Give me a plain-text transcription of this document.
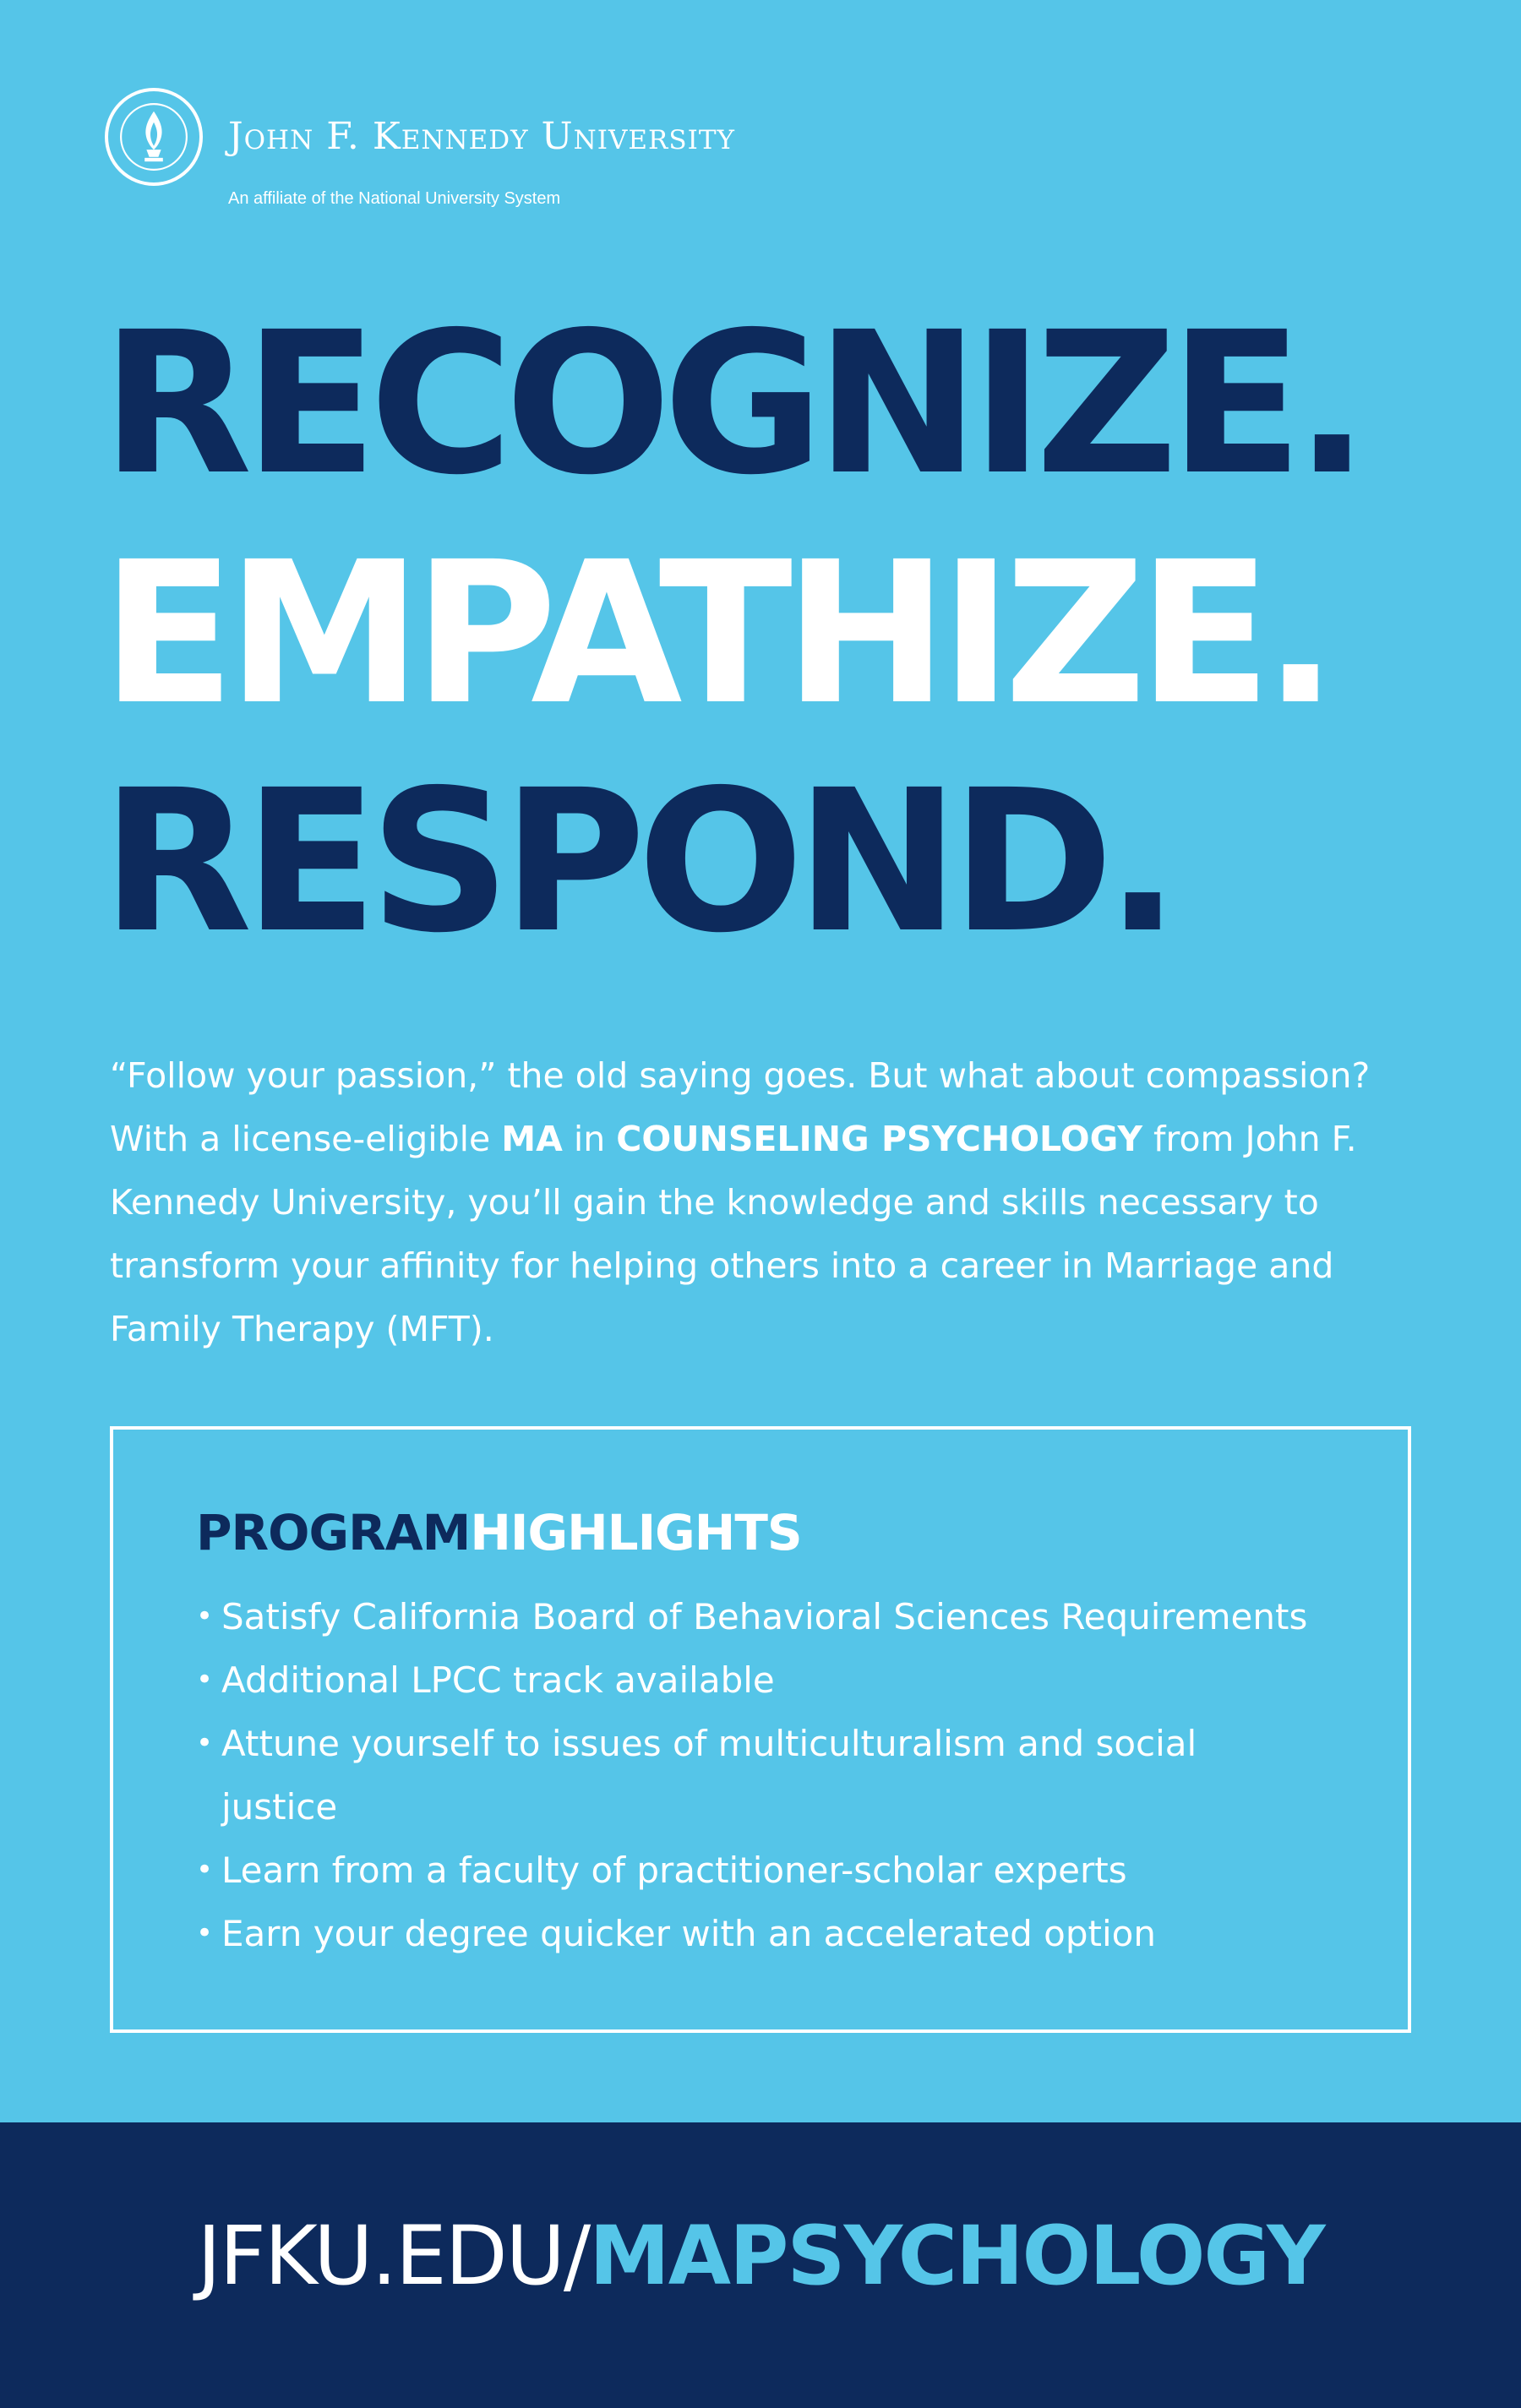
John F. Kennedy University
An affiliate of the National University System
RECOGNIZE.
EMPATHIZE.
RESPOND.
“Follow your passion,” the old saying goes. But what about compassion? With a license-eligible MA in COUNSELING PSYCHOLOGY from John F. Kennedy University, you’ll gain the knowledge and skills necessary to transform your affinity for helping others into a career in Marriage and Family Therapy (MFT).
PROGRAMHIGHLIGHTS
• Satisfy California Board of Behavioral Sciences Requirements
• Additional LPCC track available
• Attune yourself to issues of multiculturalism and social justice
• Learn from a faculty of practitioner-scholar experts
• Earn your degree quicker with an accelerated option
JFKU.EDU/MAPSYCHOLOGY
